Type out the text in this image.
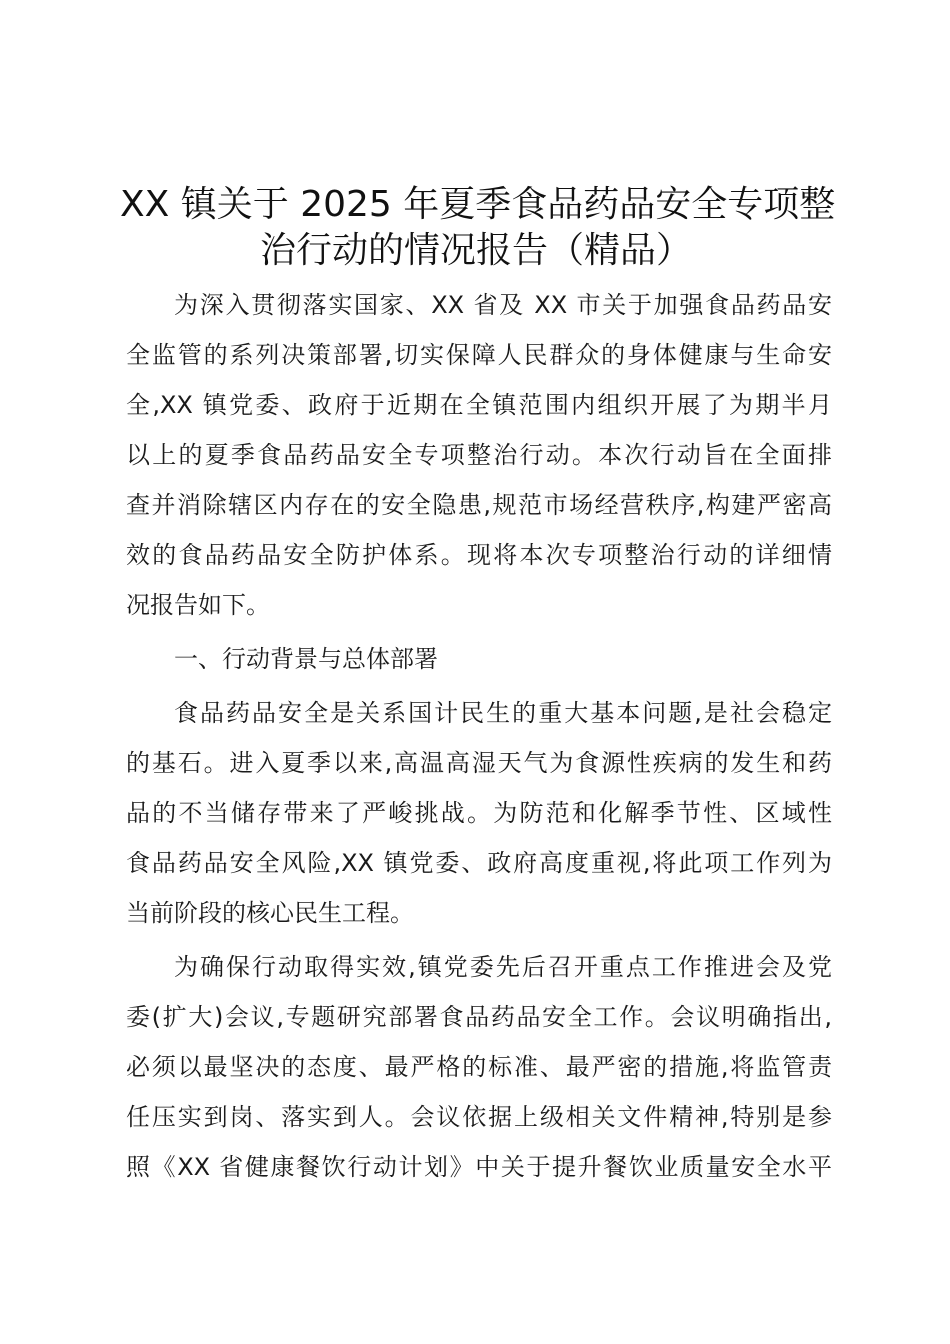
XX 镇关于 2025 年夏季食品药品安全专项整
治行动的情况报告（精品）

为深入贯彻落实国家、XX 省及 XX 市关于加强食品药品安
全监管的系列决策部署,切实保障人民群众的身体健康与生命安
全,XX 镇党委、政府于近期在全镇范围内组织开展了为期半月
以上的夏季食品药品安全专项整治行动。本次行动旨在全面排
查并消除辖区内存在的安全隐患,规范市场经营秩序,构建严密高
效的食品药品安全防护体系。现将本次专项整治行动的详细情
况报告如下。

一、行动背景与总体部署

食品药品安全是关系国计民生的重大基本问题,是社会稳定
的基石。进入夏季以来,高温高湿天气为食源性疾病的发生和药
品的不当储存带来了严峻挑战。为防范和化解季节性、区域性
食品药品安全风险,XX 镇党委、政府高度重视,将此项工作列为
当前阶段的核心民生工程。

为确保行动取得实效,镇党委先后召开重点工作推进会及党
委(扩大)会议,专题研究部署食品药品安全工作。会议明确指出,
必须以最坚决的态度、最严格的标准、最严密的措施,将监管责
任压实到岗、落实到人。会议依据上级相关文件精神,特别是参
照《XX 省健康餐饮行动计划》中关于提升餐饮业质量安全水平
